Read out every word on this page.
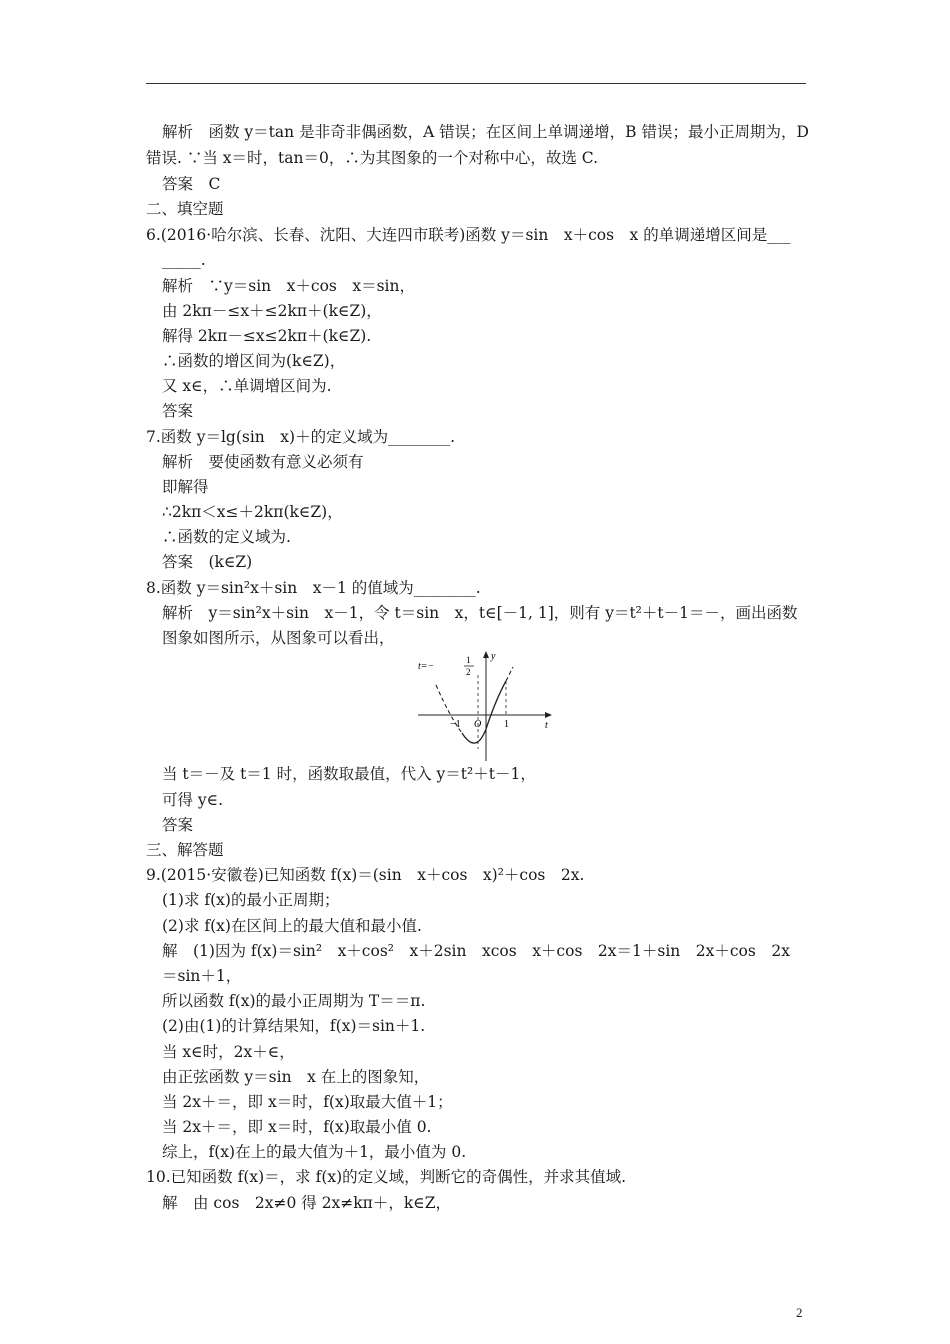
解析　函数 y＝tan 是非奇非偶函数，A 错误；在区间上单调递增，B 错误；最小正周期为，D
错误. ∵当 x＝时，tan＝0，∴为其图象的一个对称中心，故选 C.
答案　C
二、填空题
6.(2016·哈尔滨、长春、沈阳、大连四市联考)函数 y＝sin　x＋cos　x 的单调递增区间是___
_____.
解析　∵y＝sin　x＋cos　x＝sin，
由 2kπ－≤x＋≤2kπ＋(k∈Z)，
解得 2kπ－≤x≤2kπ＋(k∈Z).
∴函数的增区间为(k∈Z)，
又 x∈，∴单调增区间为.
答案
7.函数 y＝lg(sin　x)＋的定义域为________.
解析　要使函数有意义必须有
即解得
∴2kπ＜x≤＋2kπ(k∈Z)，
∴函数的定义域为.
答案　(k∈Z)
8.函数 y＝sin²x＋sin　x－1 的值域为________.
解析　y＝sin²x＋sin　x－1，令 t＝sin　x，t∈[－1, 1]，则有 y＝t²＋t－1＝－，画出函数
图象如图所示，从图象可以看出，
t=−
1
2
y
t
−1 O 1
当 t＝－及 t＝1 时，函数取最值，代入 y＝t²＋t－1，
可得 y∈.
答案
三、解答题
9.(2015·安徽卷)已知函数 f(x)＝(sin　x＋cos　x)²＋cos　2x.
(1)求 f(x)的最小正周期；
(2)求 f(x)在区间上的最大值和最小值.
解　(1)因为 f(x)＝sin²　x＋cos²　x＋2sin　xcos　x＋cos　2x＝1＋sin　2x＋cos　2x
＝sin＋1，
所以函数 f(x)的最小正周期为 T＝＝π.
(2)由(1)的计算结果知，f(x)＝sin＋1.
当 x∈时，2x＋∈，
由正弦函数 y＝sin　x 在上的图象知，
当 2x＋＝，即 x＝时，f(x)取最大值＋1；
当 2x＋＝，即 x＝时，f(x)取最小值 0.
综上，f(x)在上的最大值为＋1，最小值为 0.
10.已知函数 f(x)＝，求 f(x)的定义域，判断它的奇偶性，并求其值域.
解　由 cos　2x≠0 得 2x≠kπ＋，k∈Z，
2
